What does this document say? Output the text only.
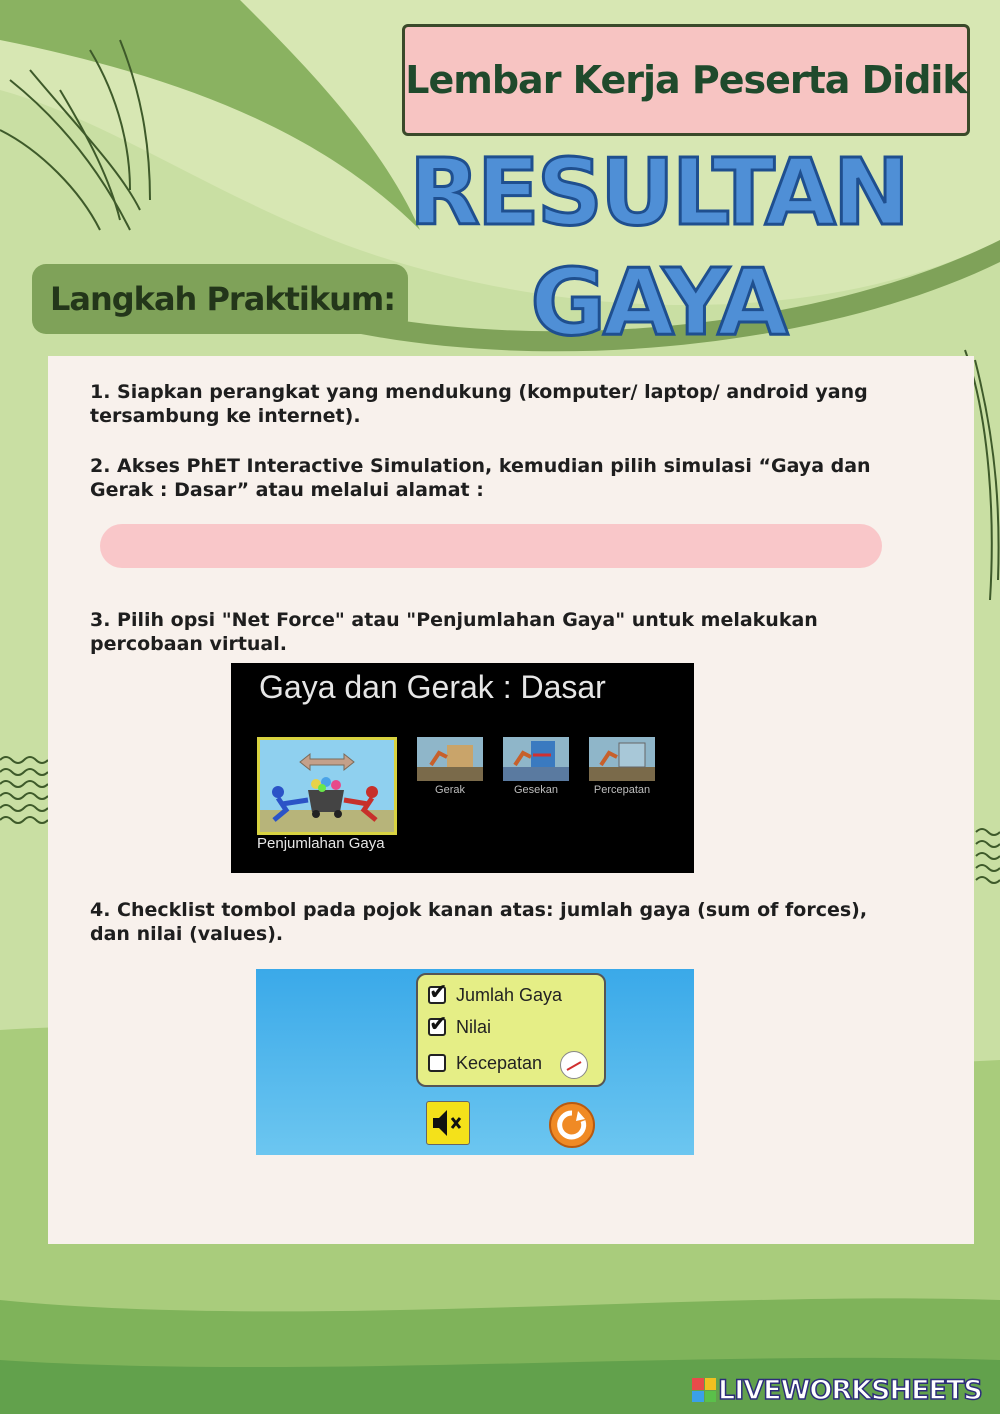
Lembar Kerja Peserta Didik
RESULTAN GAYA
Langkah Praktikum:
1. Siapkan perangkat yang mendukung (komputer/ laptop/ android yang tersambung ke internet).
2. Akses PhET Interactive Simulation, kemudian pilih simulasi “Gaya dan Gerak : Dasar” atau melalui alamat :
3. Pilih opsi "Net Force" atau "Penjumlahan Gaya" untuk melakukan percobaan virtual.
Gaya dan Gerak : Dasar
Penjumlahan Gaya
Gerak	Gesekan	Percepatan
4. Checklist tombol pada pojok kanan atas: jumlah gaya (sum of forces), dan nilai (values).
✔ Jumlah Gaya
✔ Nilai
Kecepatan
LIVEWORKSHEETS
